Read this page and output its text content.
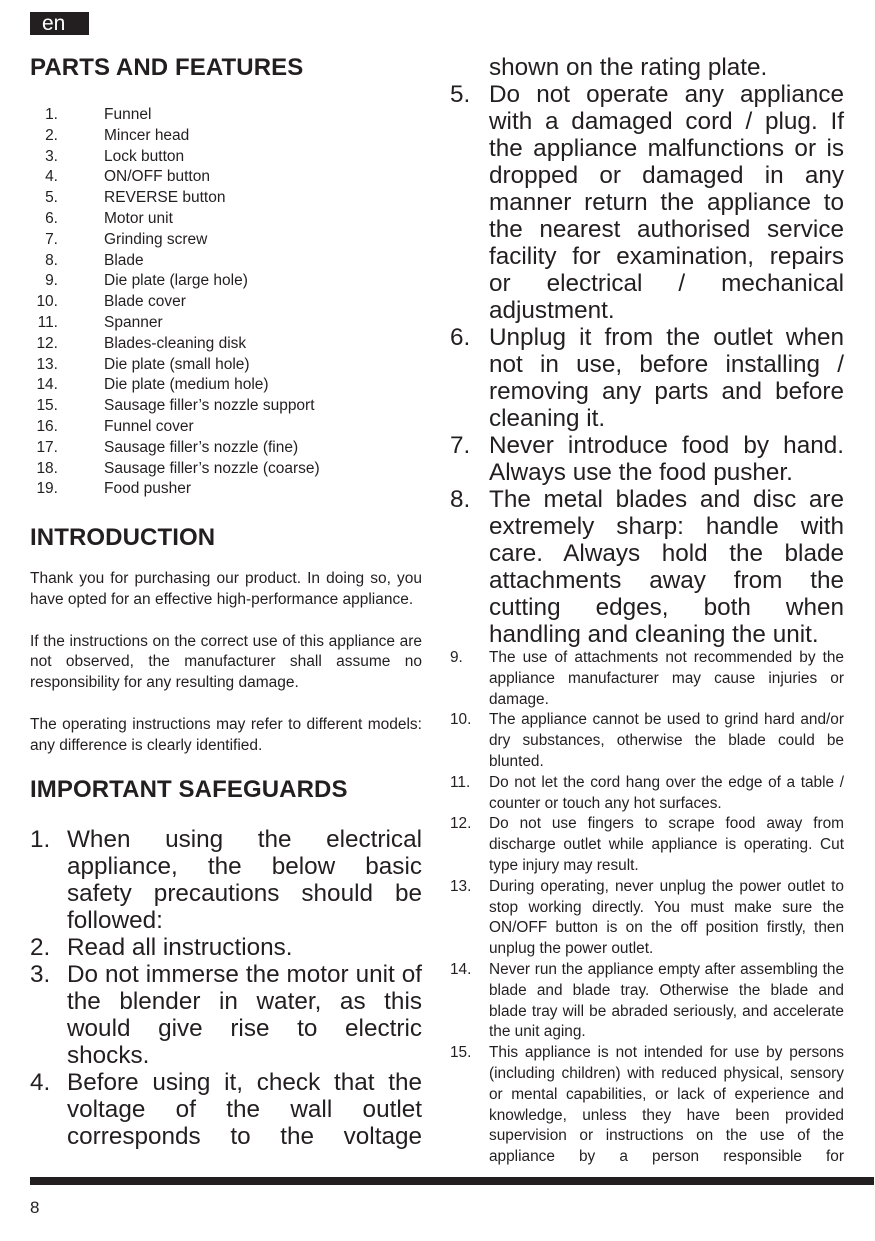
en
PARTS AND FEATURES
1.	Funnel
2.	Mincer head
3.	Lock button
4.	ON/OFF button
5.	REVERSE button
6.	Motor unit
7.	Grinding screw
8.	Blade
9.	Die plate (large hole)
10.	Blade cover
11.	Spanner
12.	Blades-cleaning disk
13.	Die plate (small hole)
14.	Die plate (medium hole)
15.	Sausage filler’s nozzle support
16.	Funnel cover
17.	Sausage filler’s nozzle (fine)
18.	Sausage filler’s nozzle (coarse)
19.	Food pusher
INTRODUCTION

Thank you for purchasing our product. In doing so, you have opted for an effective high-performance appliance.

If the instructions on the correct use of this appliance are not observed, the manufacturer shall assume no responsibility for any resulting damage.

The operating instructions may refer to different models: any difference is clearly identified.

IMPORTANT SAFEGUARDS
1. When using the electrical appliance, the below basic safety precautions should be followed:
2. Read all instructions.
3. Do not immerse the motor unit of the blender in water, as this would give rise to electric shocks.
4. Before using it, check that the voltage of the wall outlet corresponds to the voltage
shown on the rating plate.
5. Do not operate any appliance with a damaged cord / plug. If the appliance malfunctions or is dropped or damaged in any manner return the appliance to the nearest authorised service facility for examination, repairs or electrical / mechanical adjustment.
6. Unplug it from the outlet when not in use, before installing / removing any parts and before cleaning it.
7. Never introduce food by hand. Always use the food pusher.
8. The metal blades and disc are extremely sharp: handle with care. Always hold the blade attachments away from the cutting edges, both when handling and cleaning the unit.
9.	The use of attachments not recommended by the appliance manufacturer may cause injuries or damage.
10.	The appliance cannot be used to grind hard and/or dry substances, otherwise the blade could be blunted.
11.	Do not let the cord hang over the edge of a table / counter or touch any hot surfaces.
12.	Do not use fingers to scrape food away from discharge outlet while appliance is operating. Cut type injury may result.
13.	During operating, never unplug the power outlet to stop working directly. You must make sure the ON/OFF button is on the off position firstly, then unplug the power outlet.
14.	Never run the appliance empty after assembling the blade and blade tray. Otherwise the blade and blade tray will be abraded seriously, and accelerate the unit aging.
15.	This appliance is not intended for use by persons (including children) with reduced physical, sensory or mental capabilities, or lack of experience and knowledge, unless they have been provided supervision or instructions on the use of the appliance by a person responsible for
8
